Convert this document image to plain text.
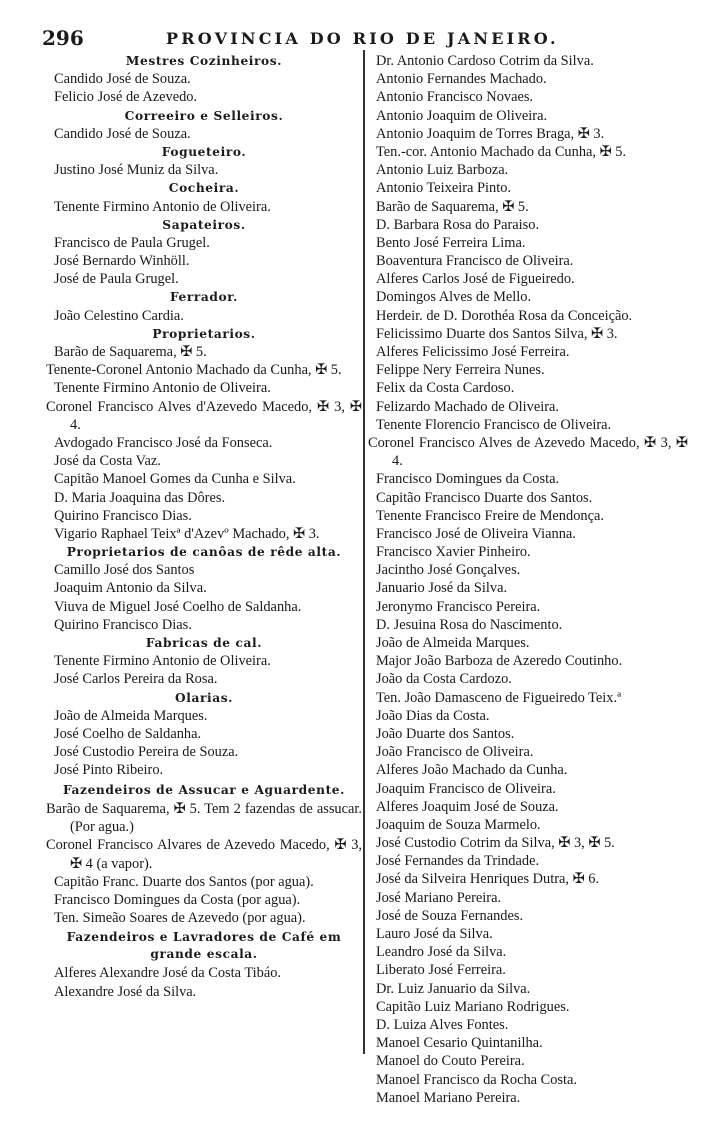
296	PROVINCIA DO RIO DE JANEIRO.
Mestres Cozinheiros.
Candido José de Souza.
Felicio José de Azevedo.
Correeiro e Selleiros.
Candido José de Souza.
Fogueteiro.
Justino José Muniz da Silva.
Cocheira.
Tenente Firmino Antonio de Oliveira.
Sapateiros.
Francisco de Paula Grugel.
José Bernardo Winhöll.
José de Paula Grugel.
Ferrador.
João Celestino Cardia.
Proprietarios.
Barão de Saquarema, ✠ 5.
Tenente-Coronel Antonio Machado da Cunha, ✠ 5.
Tenente Firmino Antonio de Oliveira.
Coronel Francisco Alves d'Azevedo Macedo, ✠ 3, ✠ 4.
Avdogado Francisco José da Fonseca.
José da Costa Vaz.
Capitão Manoel Gomes da Cunha e Silva.
D. Maria Joaquina das Dôres.
Quirino Francisco Dias.
Vigario Raphael Teixª d'Azevº Machado, ✠ 3.
Proprietarios de canôas de rêde alta.
Camillo José dos Santos
Joaquim Antonio da Silva.
Viuva de Miguel José Coelho de Saldanha.
Quirino Francisco Dias.
Fabricas de cal.
Tenente Firmino Antonio de Oliveira.
José Carlos Pereira da Rosa.
Olarias.
João de Almeida Marques.
José Coelho de Saldanha.
José Custodio Pereira de Souza.
José Pinto Ribeiro.
Fazendeiros de Assucar e Aguardente.
Barão de Saquarema, ✠ 5. Tem 2 fazendas de assucar. (Por agua.)
Coronel Francisco Alvares de Azevedo Macedo, ✠ 3, ✠ 4 (a vapor).
Capitão Franc. Duarte dos Santos (por agua).
Francisco Domingues da Costa (por agua).
Ten. Simeão Soares de Azevedo (por agua).
Fazendeiros e Lavradores de Café em grande escala.
Alferes Alexandre José da Costa Tibáo.
Alexandre José da Silva.
Dr. Antonio Cardoso Cotrim da Silva.
Antonio Fernandes Machado.
Antonio Francisco Novaes.
Antonio Joaquim de Oliveira.
Antonio Joaquim de Torres Braga, ✠ 3.
Ten.-cor. Antonio Machado da Cunha, ✠ 5.
Antonio Luiz Barboza.
Antonio Teixeira Pinto.
Barão de Saquarema, ✠ 5.
D. Barbara Rosa do Paraiso.
Bento José Ferreira Lima.
Boaventura Francisco de Oliveira.
Alferes Carlos José de Figueiredo.
Domingos Alves de Mello.
Herdeir. de D. Dorothéa Rosa da Conceição.
Felicissimo Duarte dos Santos Silva, ✠ 3.
Alferes Felicissimo José Ferreira.
Felippe Nery Ferreira Nunes.
Felix da Costa Cardoso.
Felizardo Machado de Oliveira.
Tenente Florencio Francisco de Oliveira.
Coronel Francisco Alves de Azevedo Macedo, ✠ 3, ✠ 4.
Francisco Domingues da Costa.
Capitão Francisco Duarte dos Santos.
Tenente Francisco Freire de Mendonça.
Francisco José de Oliveira Vianna.
Francisco Xavier Pinheiro.
Jacintho José Gonçalves.
Januario José da Silva.
Jeronymo Francisco Pereira.
D. Jesuina Rosa do Nascimento.
João de Almeida Marques.
Major João Barboza de Azeredo Coutinho.
João da Costa Cardozo.
Ten. João Damasceno de Figueiredo Teix.ª
João Dias da Costa.
João Duarte dos Santos.
João Francisco de Oliveira.
Alferes João Machado da Cunha.
Joaquim Francisco de Oliveira.
Alferes Joaquim José de Souza.
Joaquim de Souza Marmelo.
José Custodio Cotrim da Silva, ✠ 3, ✠ 5.
José Fernandes da Trindade.
José da Silveira Henriques Dutra, ✠ 6.
José Mariano Pereira.
José de Souza Fernandes.
Lauro José da Silva.
Leandro José da Silva.
Liberato José Ferreira.
Dr. Luiz Januario da Silva.
Capitão Luiz Mariano Rodrigues.
D. Luiza Alves Fontes.
Manoel Cesario Quintanilha.
Manoel do Couto Pereira.
Manoel Francisco da Rocha Costa.
Manoel Mariano Pereira.
